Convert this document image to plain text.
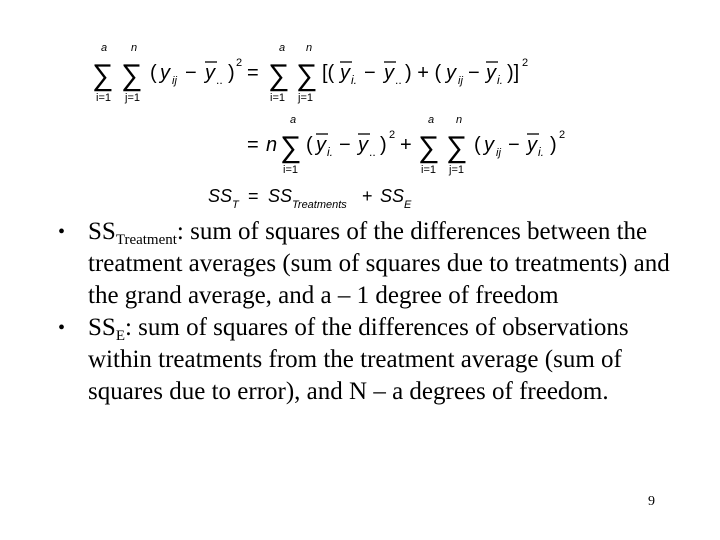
a
∑
i=1
n
∑
j=1
( y ij − y .. ) 2 =
a
∑
i=1
n
∑
j=1
[( y i. − y .. ) + ( y ij − y i. )] 2
= n
a
∑
i=1
( y i. − y .. ) 2 +
a
∑
i=1
n
∑
j=1
( y ij − y i. ) 2
SS T = SS Treatments + SS E
• $SS_{Treatment}$: sum of squares of the differences between the treatment averages (sum of squares due to treatments) and the grand average, and a – 1 degree of freedom
• $SS_E$: sum of squares of the differences of observations within treatments from the treatment average (sum of squares due to error), and N – a degrees of freedom.
9
